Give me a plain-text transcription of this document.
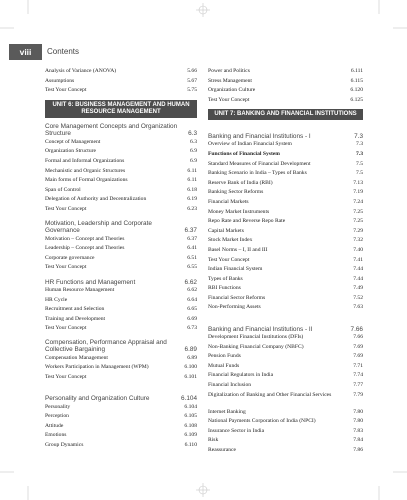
viii	Contents
Analysis of Variance (ANOVA)	5.66
Assumptions	5.67
Test Your Concept	5.75
UNIT 6: BUSINESS MANAGEMENT AND HUMAN RESOURCE MANAGEMENT
Core Management Concepts and Organization Structure	6.3
Concept of Management	6.3
Organization Structure	6.9
Formal and Informal Organizations	6.9
Mechanistic and Organic Structures	6.11
Main forms of Formal Organizations	6.11
Span of Control	6.18
Delegation of Authority and Decentralization	6.19
Test Your Concept	6.23
Motivation, Leadership and Corporate Governance	6.37
Motivation – Concept and Theories	6.37
Leadership – Concept and Theories	6.41
Corporate governance	6.51
Test Your Concept	6.55
HR Functions and Management	6.62
Human Resource Management	6.62
HR Cycle	6.64
Recruitment and Selection	6.65
Training and Development	6.69
Test Your Concept	6.73
Compensation, Performance Appraisal and Collective Bargaining	6.89
Compensation Management	6.89
Workers Participation in Management (WPM)	6.100
Test Your Concept	6.101
Personality and Organization Culture	6.104
Personality	6.104
Perception	6.105
Attitude	6.108
Emotions	6.109
Group Dynamics	6.110
Power and Politics	6.111
Stress Management	6.115
Organization Culture	6.120
Test Your Concept	6.125
UNIT 7: BANKING AND FINANCIAL INSTITUTIONS
Banking and Financial Institutions - I	7.3
Overview of Indian Financial System	7.3
Functions of Financial System	7.3
Standard Measures of Financial Development	7.5
Banking Scenario in India – Types of Banks	7.5
Reserve Bank of India (RBI)	7.13
Banking Sector Reforms	7.19
Financial Markets	7.24
Money Market Instruments	7.25
Repo Rate and Reverse Repo Rate	7.25
Capital Markets	7.29
Stock Market Index	7.32
Basel Norms – I, II and III	7.40
Test Your Concept	7.41
Indian Financial System	7.44
Types of Banks	7.44
RBI Functions	7.49
Financial Sector Reforms	7.52
Non-Performing Assets	7.63
Banking and Financial Institutions - II	7.66
Development Financial Institutions (DFIs)	7.66
Non-Banking Financial Company (NBFC)	7.69
Pension Funds	7.69
Mutual Funds	7.71
Financial Regulators in India	7.74
Financial Inclusion	7.77
Digitalization of Banking and Other Financial Services	7.79
Internet Banking	7.80
National Payments Corporation of India (NPCI)	7.80
Insurance Sector in India	7.83
Risk	7.84
Reassurance	7.86
